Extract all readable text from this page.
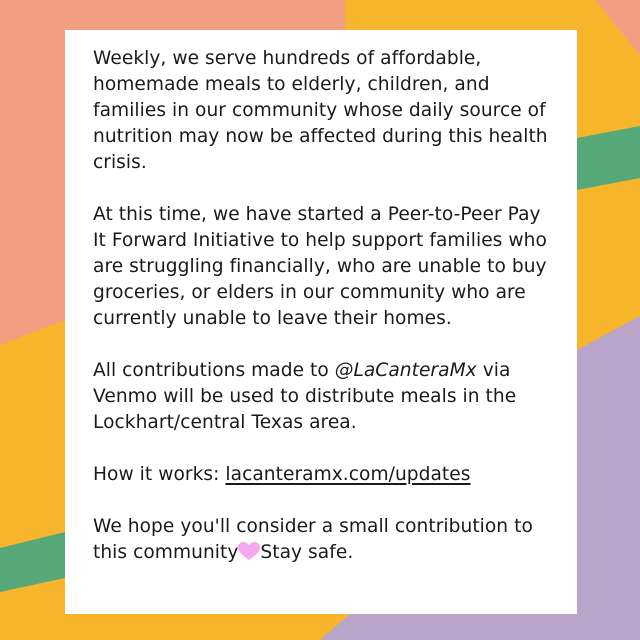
Weekly, we serve hundreds of affordable, homemade meals to elderly, children, and families in our community whose daily source of nutrition may now be affected during this health crisis.

At this time, we have started a Peer-to-Peer Pay It Forward Initiative to help support families who are struggling financially, who are unable to buy groceries, or elders in our community who are currently unable to leave their homes.

All contributions made to @LaCanteraMx via Venmo will be used to distribute meals in the Lockhart/central Texas area.

How it works: lacanteramx.com/updates

We hope you'll consider a small contribution to this community Stay safe.
